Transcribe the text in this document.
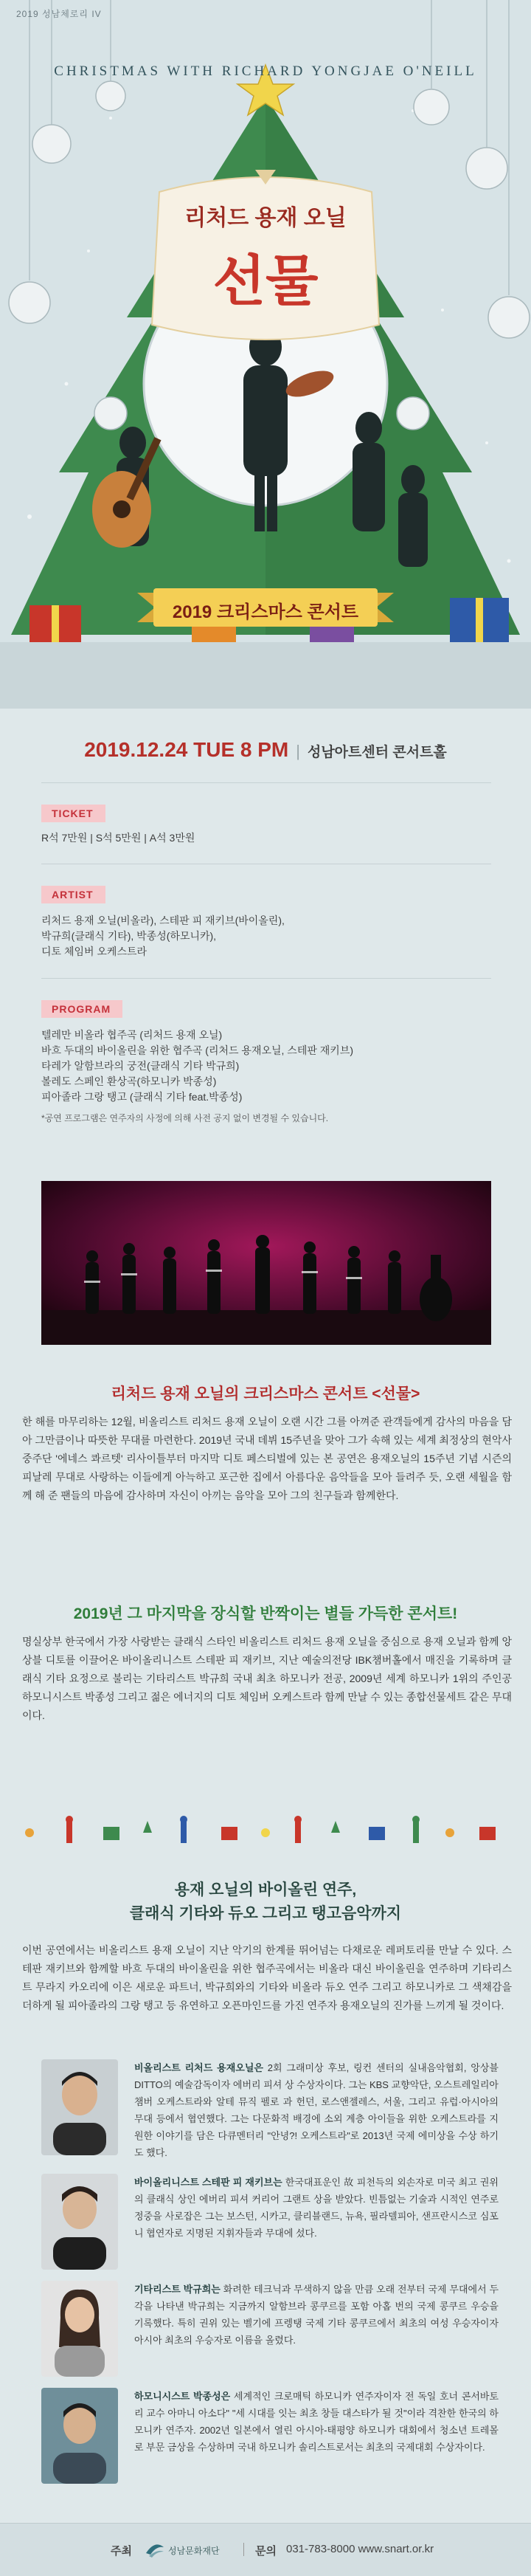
2019 성남체로리 IV
CHRISTMAS WITH RICHARD YONGJAE O'NEILL
리처드 용재 오닐
선물
2019 크리스마스 콘서트
2019.12.24 TUE 8 PM | 성남아트센터 콘서트홀
TICKET

R석 7만원 | S석 5만원 | A석 3만원

ARTIST

리처드 용재 오닐(비올라), 스테판 피 재키브(바이올린),

박규희(클래식 기타), 박종성(하모니카),

디토 체임버 오케스트라

PROGRAM

텔레만 비올라 협주곡 (리처드 용재 오닐)

바흐 두대의 바이올린을 위한 협주곡 (리처드 용재오닐, 스테판 재키브)

타레가 알함브라의 궁전(클래식 기타 박규희)

볼레도 스페인 환상곡(하모니카 박종성)

피아졸라 그랑 탱고 (클래식 기타 feat.박종성)

*공연 프로그램은 연주자의 사정에 의해 사전 공지 없이 변경될 수 있습니다.

리처드 용재 오닐의 크리스마스 콘서트 <선물>
한 해를 마무리하는 12월, 비올리스트 리처드 용재 오닐이 오랜 시간 그를 아껴준 관객들에게 감사의 마음을 담아 그만큼이나 따뜻한 무대를 마련한다. 2019년 국내 데뷔 15주년을 맞아 그가 속해 있는 세계 최정상의 현악사중주단 '에네스 콰르텟' 리사이틀부터 마지막 디토 페스티벌에 있는 본 공연은 용재오닐의 15주년 기념 시즌의 피날레 무대로 사랑하는 이들에게 아늑하고 포근한 집에서 아름다운 음악들을 모아 들려주 듯, 오랜 세월을 함께 해 준 팬들의 마음에 감사하며 자신이 아끼는 음악을 모아 그의 친구들과 함께한다.
2019년 그 마지막을 장식할 반짝이는 별들 가득한 콘서트!
명실상부 한국에서 가장 사랑받는 클래식 스타인 비올리스트 리처드 용재 오닐을 중심으로 용재 오닐과 함께 앙상블 디토를 이끌어온 바이올리니스트 스테판 피 재키브, 지난 예술의전당 IBK챔버홀에서 매진을 기록하며 클래식 기타 요정으로 불리는 기타리스트 박규희 국내 최초 하모니카 전공, 2009년 세계 하모니카 1위의 주인공 하모니시스트 박종성 그리고 젊은 에너지의 디토 체임버 오케스트라 함께 만날 수 있는 종합선물세트 같은 무대이다.
용재 오닐의 바이올린 연주,
클래식 기타와 듀오 그리고 탱고음악까지
이번 공연에서는 비올리스트 용재 오닐이 지난 악기의 한계를 뛰어넘는 다채로운 레퍼토리를 만날 수 있다. 스테판 재키브와 함께할 바흐 두대의 바이올린을 위한 협주곡에서는 비올라 대신 바이올린을 연주하며 기타리스트 무라지 카오리에 이은 새로운 파트너, 박규희와의 기타와 비올라 듀오 연주 그리고 하모니카로 그 색채감을 더하게 될 피아졸라의 그랑 탱고 등 유연하고 오픈마인드를 가진 연주자 용재오닐의 진가를 느끼게 될 것이다.
비올리스트 리처드 용재오닐은 2회 그래미상 후보, 링컨 센터의 실내음악협회, 앙상블 DITTO의 예술감독이자 에버리 피셔 상 수상자이다. 그는 KBS 교향악단, 오스트레일리아 챔버 오케스트라와 알테 뮤직 펠로 과 헌던, 로스앤젤레스, 서울, 그리고 유럽·아시아의 무대 등에서 협연했다. 그는 다문화적 배경에 소외 계층 아이들을 위한 오케스트라를 지원한 이야기를 담은 다큐멘터리 "안녕?! 오케스트라"로 2013년 국제 에미상을 수상 하기도 했다.
바이올리니스트 스테판 피 재키브는 한국대표운인 故 피천득의 외손자로 미국 최고 권위의 클래식 상인 에버리 피셔 커리어 그랜트 상을 받았다. 빈틈없는 기술과 시적인 연주로 정중을 사로잡은 그는 보스턴, 시카고, 클리블랜드, 뉴욕, 필라델피아, 샌프란시스코 심포니 협연자로 지명된 지휘자들과 무대에 섰다.
기타리스트 박규희는 화려한 테크닉과 무색하지 않을 만큼 오래 전부터 국제 무대에서 두각을 나타낸 박규희는 지금까지 알함브라 콩쿠르를 포함 아홉 번의 국제 콩쿠르 우승을 기록했다. 특히 권위 있는 벨기에 프렝탱 국제 기타 콩쿠르에서 최초의 여성 우승자이자 아시아 최초의 우승자로 이름을 올렸다.
하모니시스트 박종성은 세계적인 크로매틱 하모니카 연주자이자 전 독일 호너 콘서바토리 교수 아마니 아소다" "세 시대를 잇는 최초 창들 대스타가 될 것"이라 격찬한 한국의 하모니카 연주자. 2002년 일본에서 열린 아시아-태평양 하모니카 대회에서 청소년 트레몰로 부문 금상을 수상하며 국내 하모니카 솔리스트로서는 최초의 국제대회 수상자이다.
주최	성남문화재단	문의 031-783-8000 www.snart.or.kr
